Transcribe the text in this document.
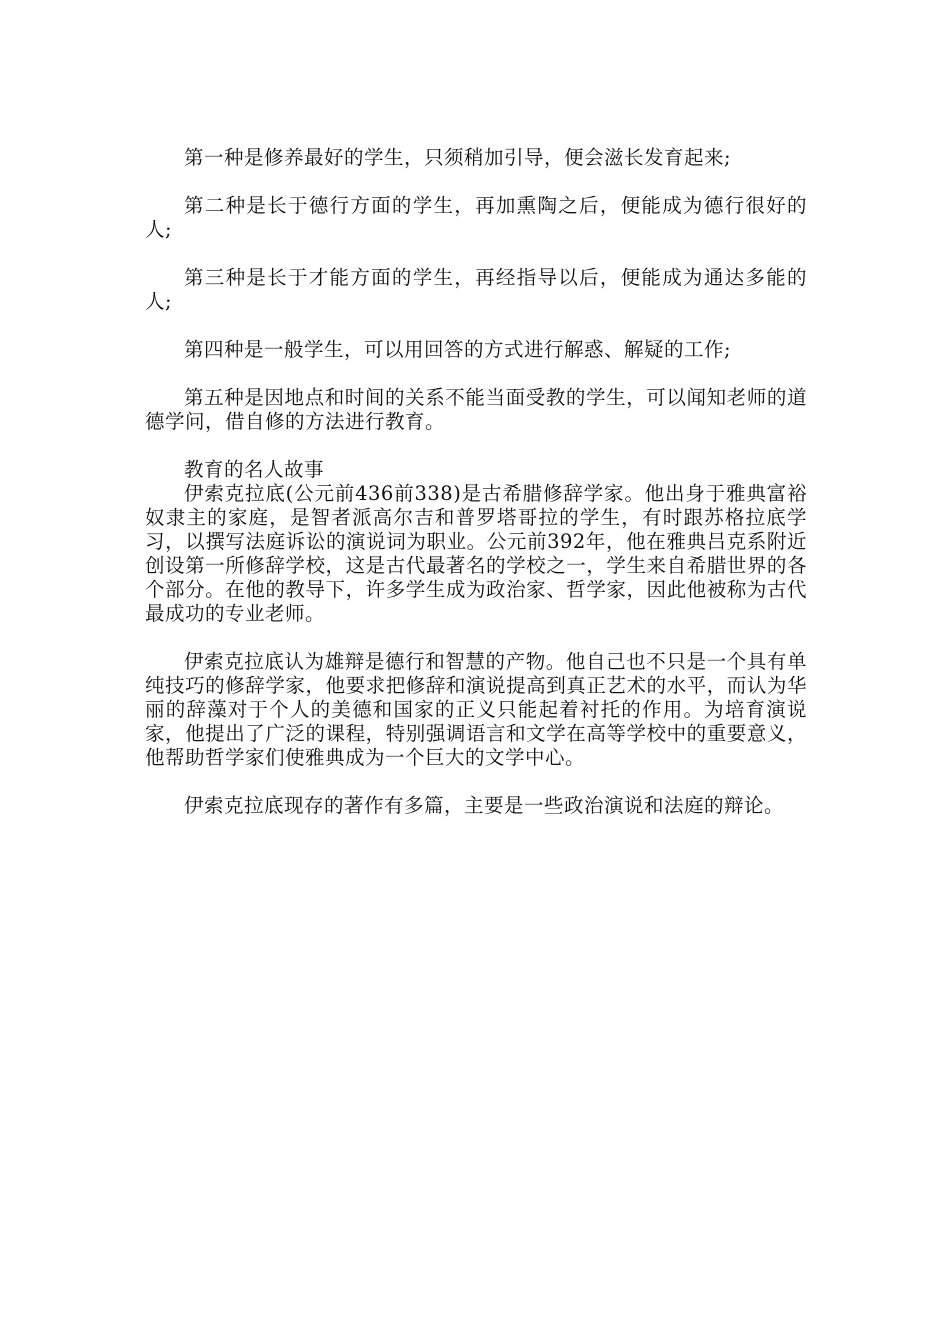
第一种是修养最好的学生，只须稍加引导，便会滋长发育起来;

第二种是长于德行方面的学生，再加熏陶之后，便能成为德行很好的人;

第三种是长于才能方面的学生，再经指导以后，便能成为通达多能的人;

第四种是一般学生，可以用回答的方式进行解惑、解疑的工作;

第五种是因地点和时间的关系不能当面受教的学生，可以闻知老师的道德学问，借自修的方法进行教育。

教育的名人故事

伊索克拉底(公元前436前338)是古希腊修辞学家。他出身于雅典富裕奴隶主的家庭，是智者派高尔吉和普罗塔哥拉的学生，有时跟苏格拉底学习，以撰写法庭诉讼的演说词为职业。公元前392年，他在雅典吕克系附近创设第一所修辞学校，这是古代最著名的学校之一，学生来自希腊世界的各个部分。在他的教导下，许多学生成为政治家、哲学家，因此他被称为古代最成功的专业老师。

伊索克拉底认为雄辩是德行和智慧的产物。他自己也不只是一个具有单纯技巧的修辞学家，他要求把修辞和演说提高到真正艺术的水平，而认为华丽的辞藻对于个人的美德和国家的正义只能起着衬托的作用。为培育演说家，他提出了广泛的课程，特别强调语言和文学在高等学校中的重要意义，他帮助哲学家们使雅典成为一个巨大的文学中心。

伊索克拉底现存的著作有多篇，主要是一些政治演说和法庭的辩论。
